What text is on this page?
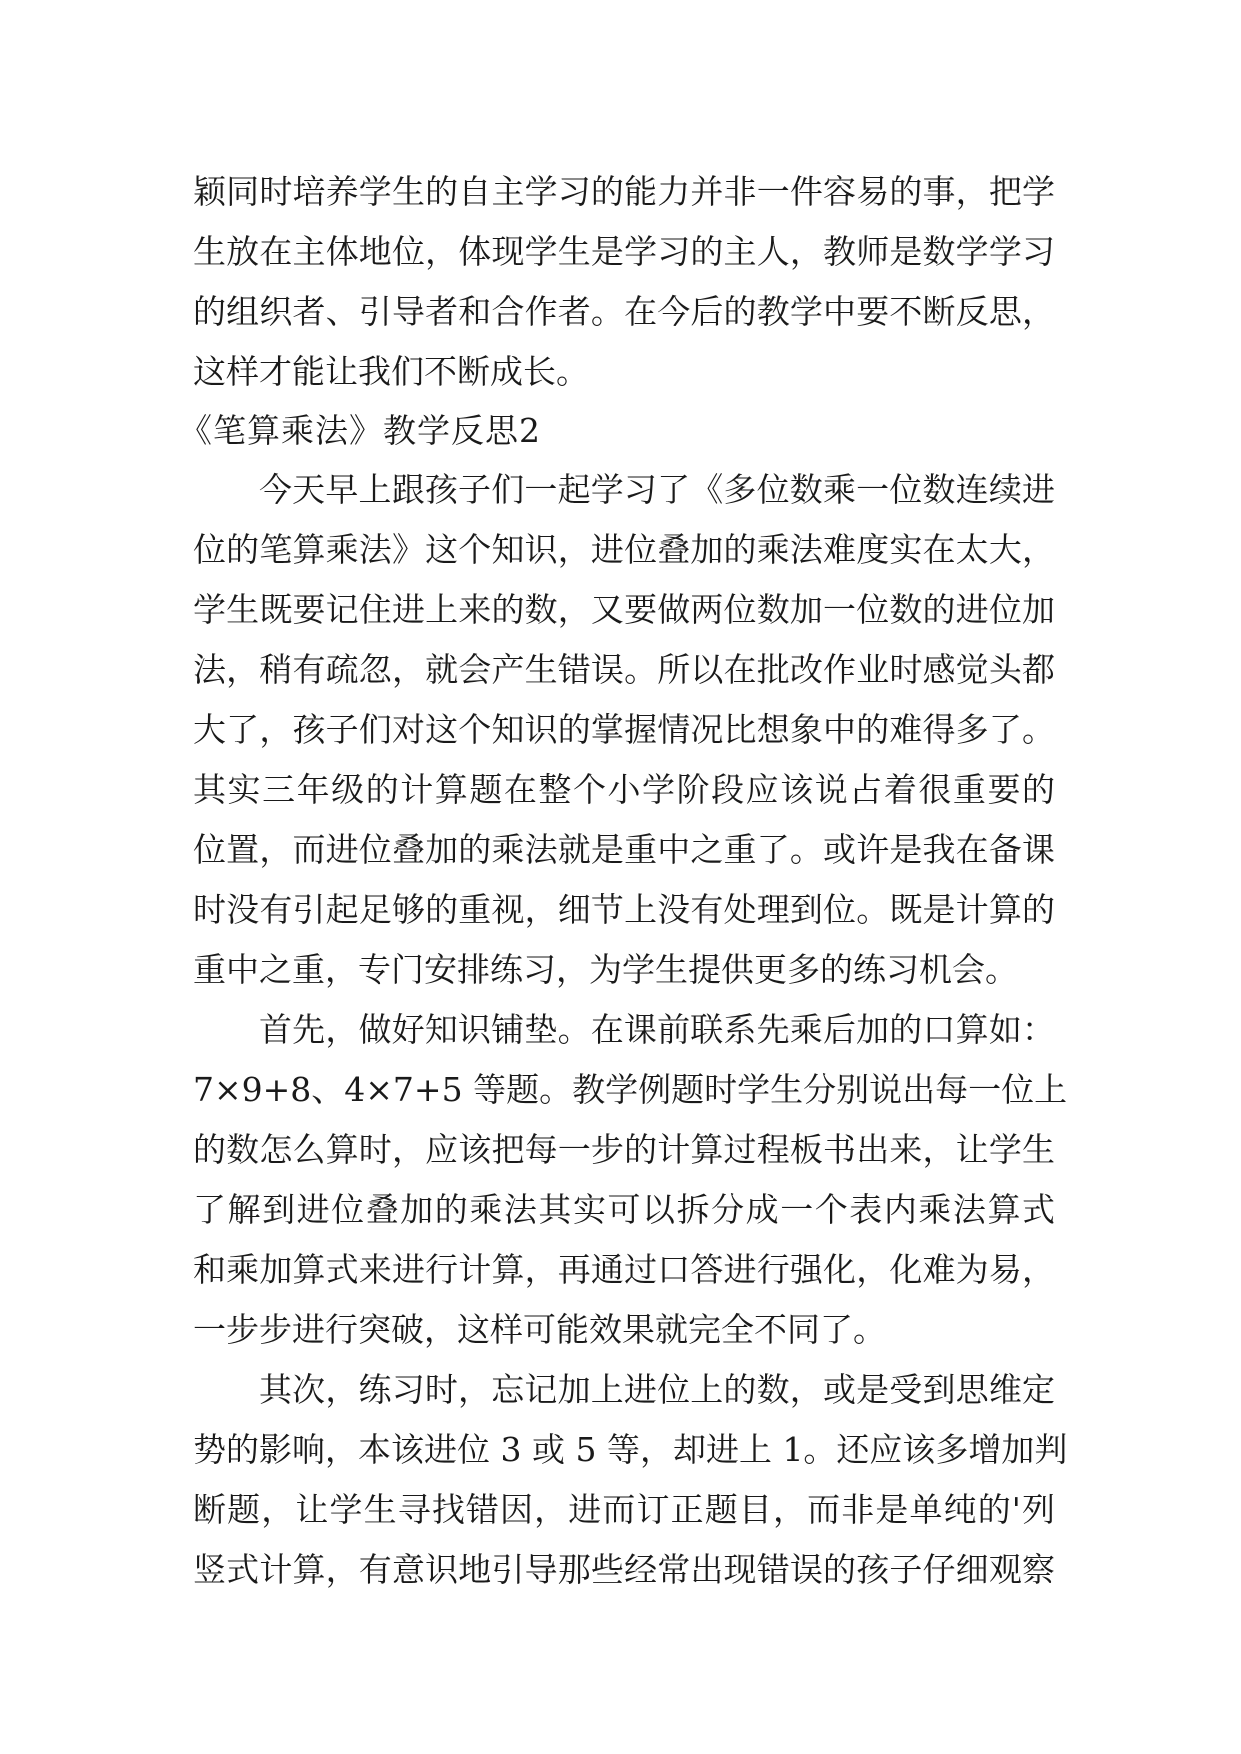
颖同时培养学生的自主学习的能力并非一件容易的事，把学
生放在主体地位，体现学生是学习的主人，教师是数学学习
的组织者、引导者和合作者。在今后的教学中要不断反思，
这样才能让我们不断成长。
《笔算乘法》教学反思2
今天早上跟孩子们一起学习了《多位数乘一位数连续进
位的笔算乘法》这个知识，进位叠加的乘法难度实在太大，
学生既要记住进上来的数，又要做两位数加一位数的进位加
法，稍有疏忽，就会产生错误。所以在批改作业时感觉头都
大了，孩子们对这个知识的掌握情况比想象中的难得多了。
其实三年级的计算题在整个小学阶段应该说占着很重要的
位置，而进位叠加的乘法就是重中之重了。或许是我在备课
时没有引起足够的重视，细节上没有处理到位。既是计算的
重中之重，专门安排练习，为学生提供更多的练习机会。
首先，做好知识铺垫。在课前联系先乘后加的口算如：
7×9+8、4×7+5 等题。教学例题时学生分别说出每一位上
的数怎么算时，应该把每一步的计算过程板书出来，让学生
了解到进位叠加的乘法其实可以拆分成一个表内乘法算式
和乘加算式来进行计算，再通过口答进行强化，化难为易，
一步步进行突破，这样可能效果就完全不同了。
其次，练习时，忘记加上进位上的数，或是受到思维定
势的影响，本该进位 3 或 5 等，却进上 1。还应该多增加判
断题，让学生寻找错因，进而订正题目，而非是单纯的'列
竖式计算，有意识地引导那些经常出现错误的孩子仔细观察
